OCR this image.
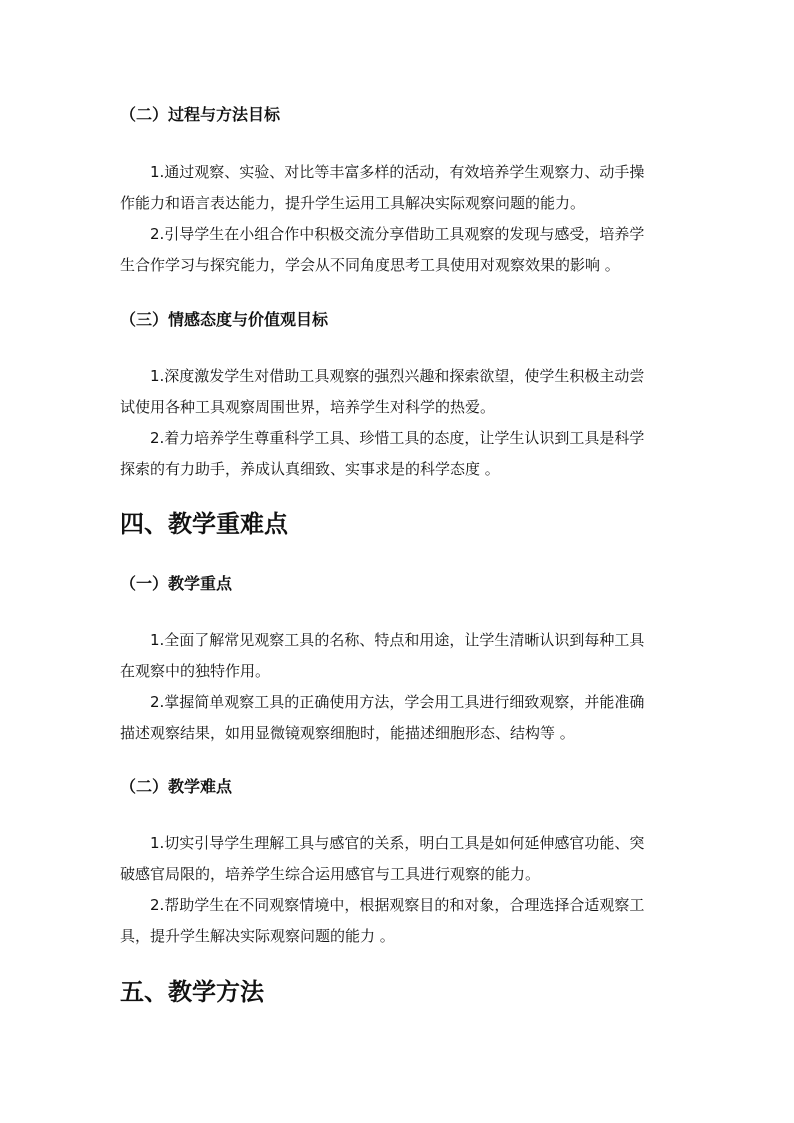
（二）过程与方法目标
1.通过观察、实验、对比等丰富多样的活动，有效培养学生观察力、动手操
作能力和语言表达能力，提升学生运用工具解决实际观察问题的能力。
2.引导学生在小组合作中积极交流分享借助工具观察的发现与感受，培养学
生合作学习与探究能力，学会从不同角度思考工具使用对观察效果的影响 。
（三）情感态度与价值观目标
1.深度激发学生对借助工具观察的强烈兴趣和探索欲望，使学生积极主动尝
试使用各种工具观察周围世界，培养学生对科学的热爱。
2.着力培养学生尊重科学工具、珍惜工具的态度，让学生认识到工具是科学
探索的有力助手，养成认真细致、实事求是的科学态度 。
四、教学重难点
（一）教学重点
1.全面了解常见观察工具的名称、特点和用途，让学生清晰认识到每种工具
在观察中的独特作用。
2.掌握简单观察工具的正确使用方法，学会用工具进行细致观察，并能准确
描述观察结果，如用显微镜观察细胞时，能描述细胞形态、结构等 。
（二）教学难点
1.切实引导学生理解工具与感官的关系，明白工具是如何延伸感官功能、突
破感官局限的，培养学生综合运用感官与工具进行观察的能力。
2.帮助学生在不同观察情境中，根据观察目的和对象，合理选择合适观察工
具，提升学生解决实际观察问题的能力 。
五、教学方法
